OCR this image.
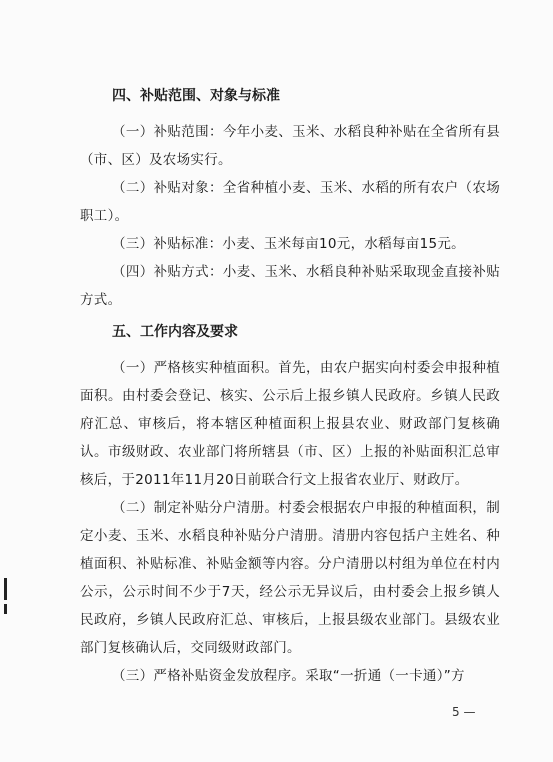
四、补贴范围、对象与标准

（一）补贴范围：今年小麦、玉米、水稻良种补贴在全省所有县（市、区）及农场实行。

（二）补贴对象：全省种植小麦、玉米、水稻的所有农户（农场职工）。

（三）补贴标准：小麦、玉米每亩10元，水稻每亩15元。

（四）补贴方式：小麦、玉米、水稻良种补贴采取现金直接补贴方式。

五、工作内容及要求

（一）严格核实种植面积。首先，由农户据实向村委会申报种植面积。由村委会登记、核实、公示后上报乡镇人民政府。乡镇人民政府汇总、审核后，将本辖区种植面积上报县农业、财政部门复核确认。市级财政、农业部门将所辖县（市、区）上报的补贴面积汇总审核后，于2011年11月20日前联合行文上报省农业厅、财政厅。

（二）制定补贴分户清册。村委会根据农户申报的种植面积，制定小麦、玉米、水稻良种补贴分户清册。清册内容包括户主姓名、种植面积、补贴标准、补贴金额等内容。分户清册以村组为单位在村内公示，公示时间不少于7天，经公示无异议后，由村委会上报乡镇人民政府，乡镇人民政府汇总、审核后，上报县级农业部门。县级农业部门复核确认后，交同级财政部门。

（三）严格补贴资金发放程序。采取“一折通（一卡通）”方

5 —
